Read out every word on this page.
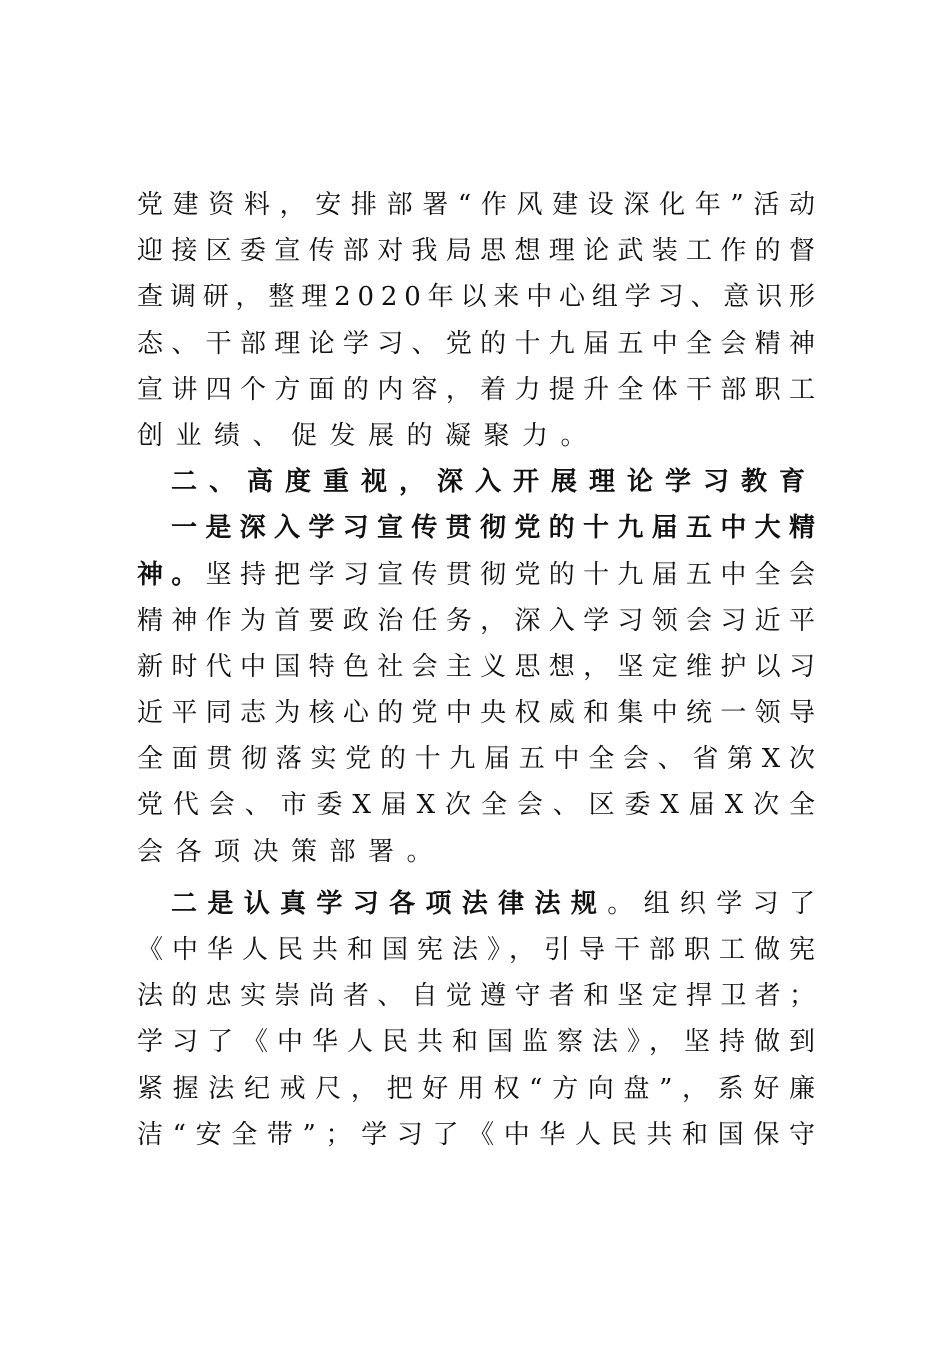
党建资料，安排部署“作风建设深化年”活动
迎接区委宣传部对我局思想理论武装工作的督
查调研，整理2020年以来中心组学习、意识形
态、干部理论学习、党的十九届五中全会精神
宣讲四个方面的内容，着力提升全体干部职工
创业绩、促发展的凝聚力。
二、高度重视，深入开展理论学习教育
一是深入学习宣传贯彻党的十九届五中大精
神。坚持把学习宣传贯彻党的十九届五中全会
精神作为首要政治任务，深入学习领会习近平
新时代中国特色社会主义思想，坚定维护以习
近平同志为核心的党中央权威和集中统一领导
全面贯彻落实党的十九届五中全会、省第X次
党代会、市委X届X次全会、区委X届X次全
会各项决策部署。
二是认真学习各项法律法规。组织学习了
《中华人民共和国宪法》，引导干部职工做宪
法的忠实崇尚者、自觉遵守者和坚定捍卫者；
学习了《中华人民共和国监察法》，坚持做到
紧握法纪戒尺，把好用权“方向盘”，系好廉
洁“安全带”；学习了《中华人民共和国保守
